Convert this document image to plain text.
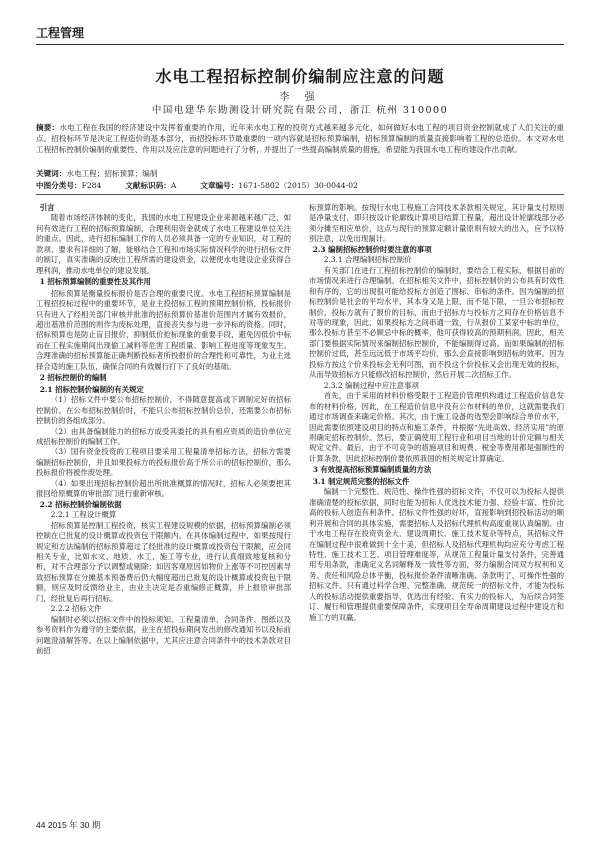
工程管理
水电工程招标控制价编制应注意的问题
李 强
中国电建华东勘测设计研究院有限公司，浙江 杭州 310000
摘要：水电工程在我国的经济建设中发挥着重要的作用，近年来水电工程的投资方式越来越多元化，如何做好水电工程的项目资金控制就成了人们关注的重点。招投标环节是决定工程造价的基本部分，而招投标环节最重要的一项内容就是招标预算编制，招标预算编制的质量直接影响着工程的总造价。本文对水电工程招标控制价编制的重要性、作用以及应注意的问题进行了分析，并提出了一些提高编制质量的措施，希望能为我国水电工程的建设作出贡献。
关键词：水电工程；招标预算；编制
中图分类号：F284	文献标识码：A	文章编号：1671-5802（2015）30-0044-02

引言

随着市场经济体制的变化，我国的水电工程建设企业来源越来越广泛，如何有效进行工程的招标预算编制，合理利用资金就成了水电工程建设单位关注的重点。因此，进行招标编制工作的人员必须具备一定的专业知识，对工程的款项、要求有详细的了解，能够结合工程和市场实际情况科学的进行招标文件的制订，真实准确的反映出工程所需的建设资金，以便使水电建设企业获得合理利润，推动水电单位的建设发展。

1 招标预算编制的重要性及其作用

招标预算是衡量投标报价是否合理的重要尺度。水电工程招标预算编制是工程招投标过程中的重要环节，是业主投招标工程的预期控制价格，投标报价只有进入了经相关部门审核并批准的招标预算价基准价范围内才属有效报价，超出基准价范围的则作为废标处理，直接丧失参与进一步评标的资格。同时，招标预算也是防止盲目报价，抑制低价抢标现象的重要手段，避免因低价中标而在工程实施期间出现偷工减料等危害工程质量、影响工程进度等现象发生。合理准确的招标预算能正确判断投标者所投报价的合理性和可靠性，为业主选择合适的施工队伍，确保合同的有效履行打下了良好的基础。

2 招标控制价的编制

2.1 招标控制价编制的有关规定

（1）招标文件中要公布招标控制价，不得随意提高或下调制定好的招标控制价。在公布招标控制价时，不能只公布招标控制价总价，还需要公布招标控制价的各组成部分。

（2）由具备编制能力的招标方或受其委托的具有相应资质的造价单位完成招标控制价的编制工作。

（3）国有资金投资的工程项目要采用工程量清单招标方法，招标方需要编制招标控制价，并且如果投标方的投标报价高于所公示的招标控制价，那么投标报价将被作废处理。

（4）如果出现招标控制价超出所批准概算的情况时，招标人必须要把其报回给原概算的审批部门进行重新审核。

2.2 招标控制价编制依据

2.2.1 工程设计概算

招标预算是控制工程投资，核实工程建设规模的依据，招标预算编制必须控制在已批复的设计概算或投资包干限额内。在具体编制过程中，如果按现行规定和方法编制的招标预算超过了经批准的设计概算或投资包干限额，应会同相关专业，比如水文、地质、水工、施工等专业，进行认真细致地复核和分析，对不合理部分予以调整或剔除；如因客观原因如物价上涨等不可控因素导致招标预算在分摊基本预备费后仍大幅度超出已批复的设计概算或投资包干限额，则应及时反馈给业主，由业主决定是否重编修正概算，并上报原审批部门，经批复后再行招标。

2.2.2 招标文件

编制时必须以招标文件中的投标须知、工程量清单、合同条件、图纸以及参考资料作为遵守的主要依据，业主在招投标期间发出的修改通知书以及标前问题澄清解答等。在以上编制依据中，尤其应注意合同条件中的技术条款对目前招

标预算的影响。按现行水电工程施工合同技术条款相关规定，其计量支付原则是净量支付，即只按设计轮廓线计算项目结算工程量，超出设计轮廓线部分必须分摊至相应单价，这点与现行的预算定额计量原则有较大的出入，应予以特别注意，以免出现漏计。

2.3 编制招标控制价时要注意的事项

2.3.1 合理编制招标控制价

有关部门在进行工程招标控制价的编制时，要结合工程实际，根据目前的市场情况来进行合理编制。在招标相关文件中，招标控制价的公布具有时效性和有序的，它的出现很可能给投标方创造了围标、串标的条件。因为编制的招标控制价是社会的平均水平，其本身又是上限，而不是下限，一旦公布招标控制价，投标方就有了报价的目标，而由于招标方与投标方之间存在价格信息不对等的现象，因此，如果投标方之间串通一致，行从报价工某家中标的单位，那么投标方甚至不必顾忌中标的概率，他可获得较高的预期利润。因此，相关部门要根据实际情况来编制招标控制价，不能编制得过高。而如果编制的招标控制价过低，甚至远远低于市场平均价，那么会直接影响到招标的效率。因为投标方按这个价来投标会无利可图，而不投这个价投标又会出现无效的投标，从而导致招标方只能修改招标控制价，然后开展二次招标工作。

2.3.2 编制过程中应注意事项

首先，由于采用的材料价格受限于工程造价管理机构通过工程造价信息发布的材料价格，因此，在工程造价信息中没有公布材料的单价，这就需要我们通过市场调查来确定价格。其次，由于施工设备的选型会影响综合单价水平，因此需要依照建设项目的特点和施工条件，并根据“先进高效、经济实用”的原则确定招标控制价。然后，要正确使用工程行业和项目当地的计价定额与相关规定文件。最后，由于不可竞争的措施项目和规费、税金等费用都是强制性的计算条款，因此招标控制价要依照我国的相关规定计算确定。

3 有效提高招标预算编制质量的方法

3.1 制定规范完整的招标文件

编制一个完整性、规范性、操作性强的招标文件，不仅可以为投标人提供准确清楚的投标依据，同时也能为招标人优选技术能力强、经验丰富、性价比高的投标人创造有利条件。招标文件性强的好坏，直接影响到招投标活动的顺利开展和合同的具体实施，需要招标人及招标代理机构高度重视认真编制。由于水电工程存在投资资金大、建设周期长、施工技术复杂等特点，其招标文件在编制过程中很难做到十全十美，但招标人及招标代理机构均应充分考虑工程特性、施工技术工艺、项目管理难度等，从规范工程量计量支付条件，完善通用专用条款，准确定义名词解释及一致性等方面，努力编制合同双方权利和义务、责任和风险总体平衡，投标报价条件清晰准确、条款明了、可操作性强的招标文件。只有通过科学合理、完整准确、规范统一的招标文件，才能为投标人的投标活动提供重要指导，优选出有经验、有实力的投标人，为后续合同签订、履行和管理提供重要保障条件，实现项目全寿命周期建设过程中建设方和施工方的双赢。

44 2015 年 30 期
